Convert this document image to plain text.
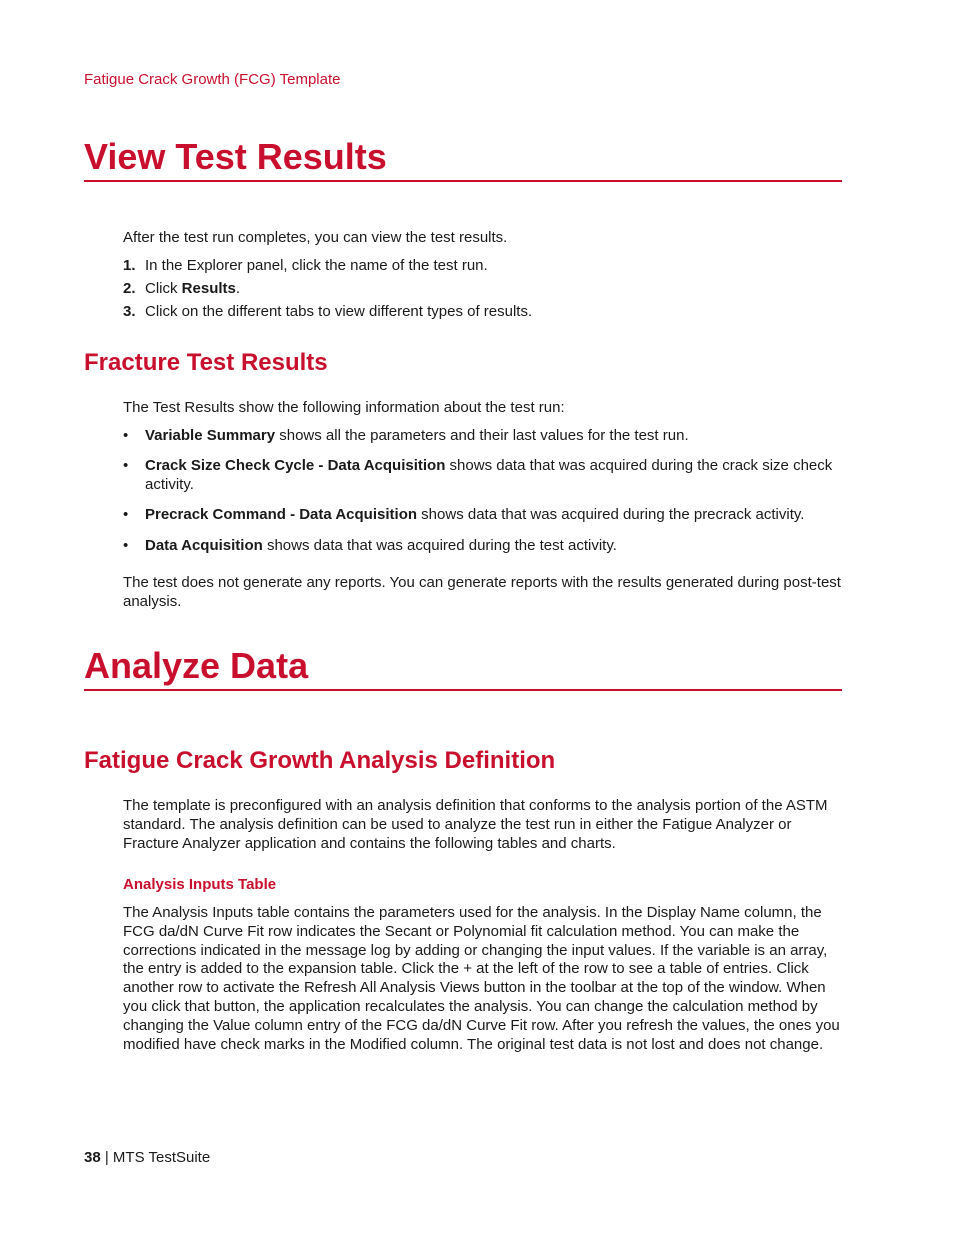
Fatigue Crack Growth (FCG) Template
View Test Results
After the test run completes, you can view the test results.
1. In the Explorer panel, click the name of the test run.
2. Click Results.
3. Click on the different tabs to view different types of results.
Fracture Test Results
The Test Results show the following information about the test run:
• Variable Summary shows all the parameters and their last values for the test run.
• Crack Size Check Cycle - Data Acquisition shows data that was acquired during the crack size check activity.
• Precrack Command - Data Acquisition shows data that was acquired during the precrack activity.
• Data Acquisition shows data that was acquired during the test activity.
The test does not generate any reports. You can generate reports with the results generated during post-test analysis.
Analyze Data
Fatigue Crack Growth Analysis Definition
The template is preconfigured with an analysis definition that conforms to the analysis portion of the ASTM standard. The analysis definition can be used to analyze the test run in either the Fatigue Analyzer or Fracture Analyzer application and contains the following tables and charts.
Analysis Inputs Table
The Analysis Inputs table contains the parameters used for the analysis. In the Display Name column, the FCG da/dN Curve Fit row indicates the Secant or Polynomial fit calculation method. You can make the corrections indicated in the message log by adding or changing the input values. If the variable is an array, the entry is added to the expansion table. Click the + at the left of the row to see a table of entries. Click another row to activate the Refresh All Analysis Views button in the toolbar at the top of the window. When you click that button, the application recalculates the analysis. You can change the calculation method by changing the Value column entry of the FCG da/dN Curve Fit row. After you refresh the values, the ones you modified have check marks in the Modified column. The original test data is not lost and does not change.
38 | MTS TestSuite
